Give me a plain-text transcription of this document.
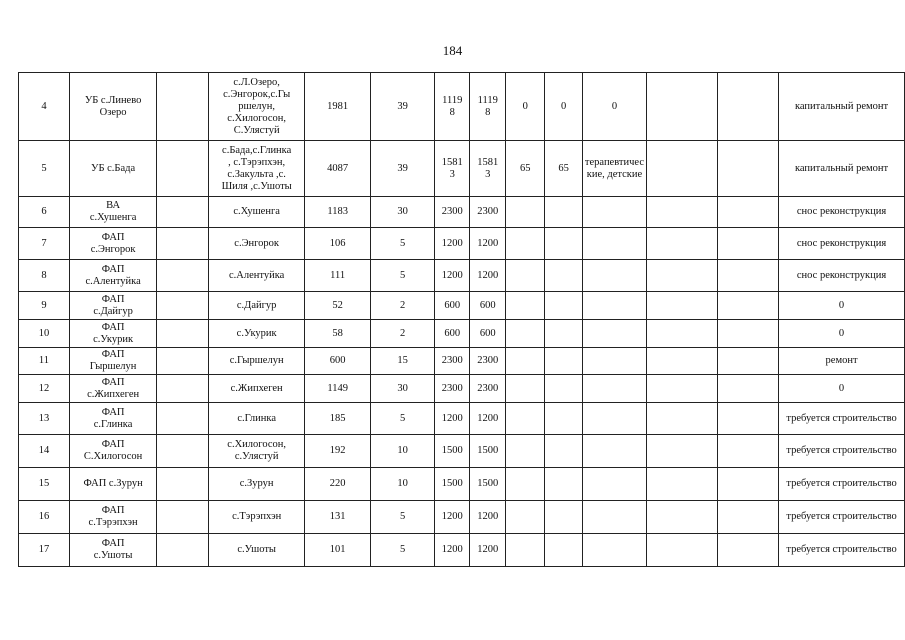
184
4	УБ с.Линево
Озеро		с.Л.Озеро,
с.Энгорок,с.Гы
ршелун,
с.Хилогосон,
С.Улястуй	1981	39	1119
8	1119
8	0	0	0			капитальный ремонт
5	УБ с.Бада		с.Бада,с.Глинка
, с.Тэрэпхэн,
с.Закульта ,с.
Шиля ,с.Ушоты	4087	39	1581
3	1581
3	65	65	терапевтичес кие, детские			капитальный ремонт
6	ВА
с.Хушенга		с.Хушенга	1183	30	2300	2300						снос реконструкция
7	ФАП
с.Энгорок		с.Энгорок	106	5	1200	1200						снос реконструкция
8	ФАП
с.Алентуйка		с.Алентуйка	111	5	1200	1200						снос реконструкция
9	ФАП
с.Дайгур		с.Дайгур	52	2	600	600						0
10	ФАП
с.Укурик		с.Укурик	58	2	600	600						0
11	ФАП
Гыршелун		с.Гыршелун	600	15	2300	2300						ремонт
12	ФАП
с.Жипхеген		с.Жипхеген	1149	30	2300	2300						0
13	ФАП
с.Глинка		с.Глинка	185	5	1200	1200						требуется строительство
14	ФАП
С.Хилогосон		с.Хилогосон,
с.Улястуй	192	10	1500	1500						требуется строительство
15	ФАП с.Зурун		с.Зурун	220	10	1500	1500						требуется строительство
16	ФАП
с.Тэрэпхэн		с.Тэрэпхэн	131	5	1200	1200						требуется строительство
17	ФАП
с.Ушоты		с.Ушоты	101	5	1200	1200						требуется строительство
